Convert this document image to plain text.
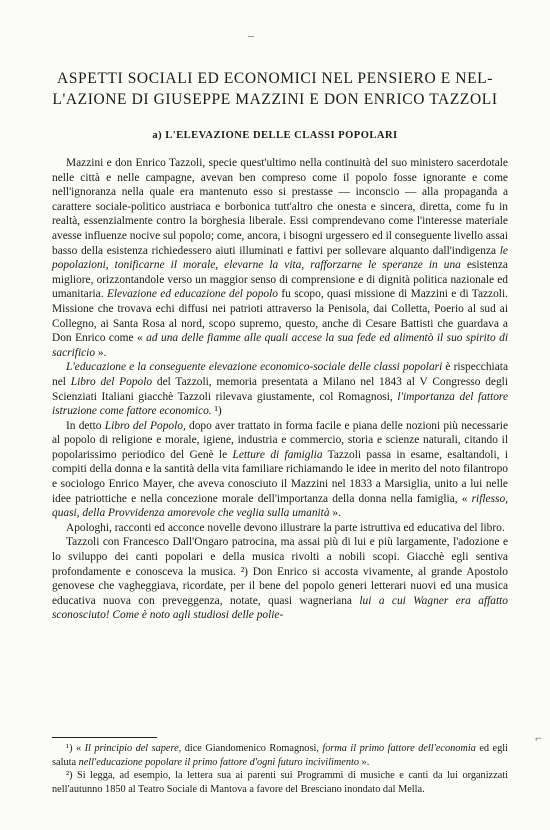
–
ASPETTI SOCIALI ED ECONOMICI NEL PENSIERO E NEL-
L'AZIONE DI GIUSEPPE MAZZINI E DON ENRICO TAZZOLI
a) L'ELEVAZIONE DELLE CLASSI POPOLARI

Mazzini e don Enrico Tazzoli, specie quest'ultimo nella continuità del suo ministero sacerdotale nelle città e nelle campagne, avevan ben compreso come il popolo fosse ignorante e come nell'ignoranza nella quale era mantenuto esso si prestasse — inconscio — alla propaganda a carattere sociale-politico austriaca e borbonica tutt'altro che onesta e sincera, diretta, come fu in realtà, essenzialmente contro la borghesia liberale. Essi comprendevano come l'interesse materiale avesse influenze nocive sul popolo; come, ancora, i bisogni urgessero ed il conseguente livello assai basso della esistenza richiedessero aiuti illuminati e fattivi per sollevare alquanto dall'indigenza le popolazioni, tonificarne il morale, elevarne la vita, rafforzarne le speranze in una esistenza migliore, orizzontandole verso un maggior senso di comprensione e di dignità politica nazionale ed umanitaria. Elevazione ed educazione del popolo fu scopo, quasi missione di Mazzini e di Tazzoli. Missione che trovava echi diffusi nei patrioti attraverso la Penisola, dai Colletta, Poerio al sud ai Collegno, ai Santa Rosa al nord, scopo supremo, questo, anche di Cesare Battisti che guardava a Don Enrico come « ad una delle fiamme alle quali accese la sua fede ed alimentò il suo spirito di sacrificio ».

L'educazione e la conseguente elevazione economico-sociale delle classi popolari è rispecchiata nel Libro del Popolo del Tazzoli, memoria presentata a Milano nel 1843 al V Congresso degli Scienziati Italiani giacchè Tazzoli rilevava giustamente, col Romagnosi, l'importanza del fattore istruzione come fattore economico. ¹)

In detto Libro del Popolo, dopo aver trattato in forma facile e piana delle nozioni più necessarie al popolo di religione e morale, igiene, industria e commercio, storia e scienze naturali, citando il popolarissimo periodico del Genè le Letture di famiglia Tazzoli passa in esame, esaltandoli, i compiti della donna e la santità della vita familiare richiamando le idee in merito del noto filantropo e sociologo Enrico Mayer, che aveva conosciuto il Mazzini nel 1833 a Marsiglia, unito a lui nelle idee patriottiche e nella concezione morale dell'importanza della donna nella famiglia, « riflesso, quasi, della Provvidenza amorevole che veglia sulla umanità ».

Apologhi, racconti ed acconce novelle devono illustrare la parte istruttiva ed educativa del libro.

Tazzoli con Francesco Dall'Ongaro patrocina, ma assai più di lui e più largamente, l'adozione e lo sviluppo dei canti popolari e della musica rivolti a nobili scopi. Giacchè egli sentiva profondamente e conosceva la musica. ²) Don Enrico si accosta vivamente, al grande Apostolo genovese che vagheggiava, ricordate, per il bene del popolo generi letterari nuovi ed una musica educativa nuova con preveggenza, notate, quasi wagneriana lui a cui Wagner era affatto sconosciuto! Come è noto agli studiosi delle polie-

⌐

¹) « Il principio del sapere, dice Giandomenico Romagnosi, forma il primo fattore dell'economia ed egli saluta nell'educazione popolare il primo fattore d'ogni futuro incivilimento ».

²) Si legga, ad esempio, la lettera sua ai parenti sui Programmi di musiche e canti da lui organizzati nell'autunno 1850 al Teatro Sociale di Mantova a favore del Bresciano inondato dal Mella.
